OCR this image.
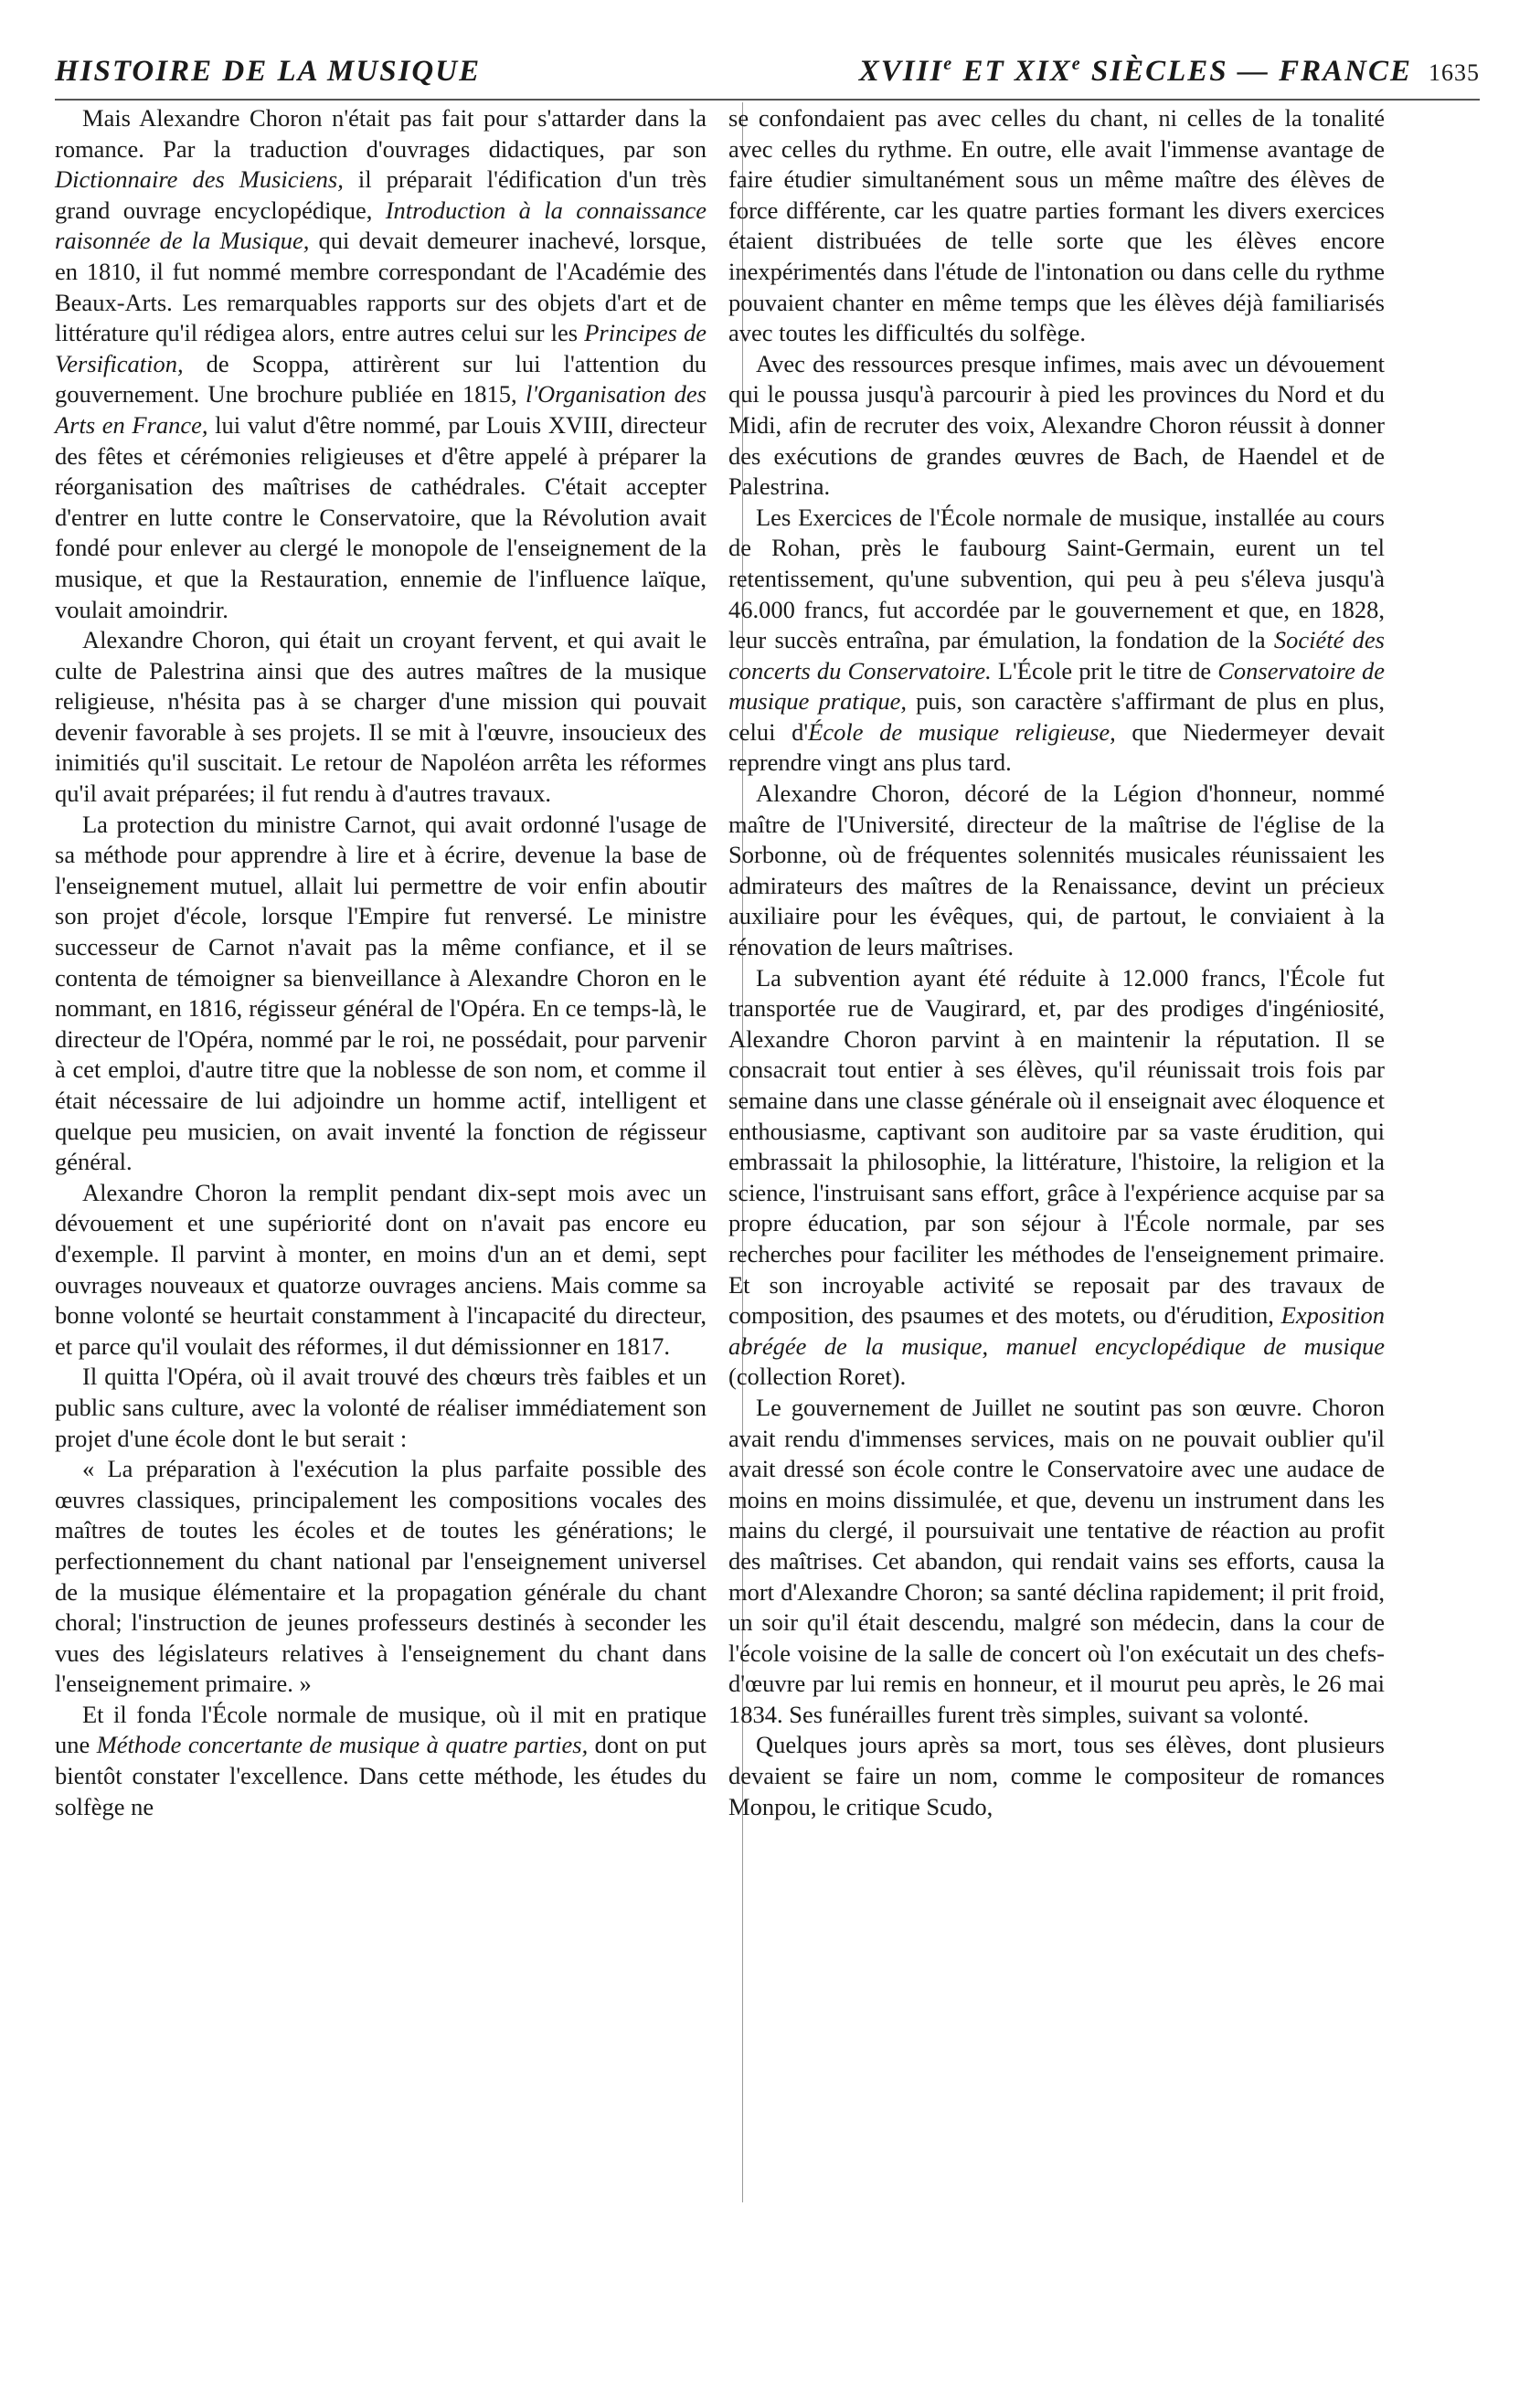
HISTOIRE DE LA MUSIQUE	XVIIIe ET XIXe SIÈCLES — FRANCE 1635

Mais Alexandre Choron n'était pas fait pour s'attarder dans la romance. Par la traduction d'ouvrages didactiques, par son Dictionnaire des Musiciens, il préparait l'édification d'un très grand ouvrage encyclopédique, Introduction à la connaissance raisonnée de la Musique, qui devait demeurer inachevé, lorsque, en 1810, il fut nommé membre correspondant de l'Académie des Beaux-Arts. Les remarquables rapports sur des objets d'art et de littérature qu'il rédigea alors, entre autres celui sur les Principes de Versification, de Scoppa, attirèrent sur lui l'attention du gouvernement. Une brochure publiée en 1815, l'Organisation des Arts en France, lui valut d'être nommé, par Louis XVIII, directeur des fêtes et cérémonies religieuses et d'être appelé à préparer la réorganisation des maîtrises de cathédrales. C'était accepter d'entrer en lutte contre le Conservatoire, que la Révolution avait fondé pour enlever au clergé le monopole de l'enseignement de la musique, et que la Restauration, ennemie de l'influence laïque, voulait amoindrir.

Alexandre Choron, qui était un croyant fervent, et qui avait le culte de Palestrina ainsi que des autres maîtres de la musique religieuse, n'hésita pas à se charger d'une mission qui pouvait devenir favorable à ses projets. Il se mit à l'œuvre, insoucieux des inimitiés qu'il suscitait. Le retour de Napoléon arrêta les réformes qu'il avait préparées; il fut rendu à d'autres travaux.

La protection du ministre Carnot, qui avait ordonné l'usage de sa méthode pour apprendre à lire et à écrire, devenue la base de l'enseignement mutuel, allait lui permettre de voir enfin aboutir son projet d'école, lorsque l'Empire fut renversé. Le ministre successeur de Carnot n'avait pas la même confiance, et il se contenta de témoigner sa bienveillance à Alexandre Choron en le nommant, en 1816, régisseur général de l'Opéra. En ce temps-là, le directeur de l'Opéra, nommé par le roi, ne possédait, pour parvenir à cet emploi, d'autre titre que la noblesse de son nom, et comme il était nécessaire de lui adjoindre un homme actif, intelligent et quelque peu musicien, on avait inventé la fonction de régisseur général.

Alexandre Choron la remplit pendant dix-sept mois avec un dévouement et une supériorité dont on n'avait pas encore eu d'exemple. Il parvint à monter, en moins d'un an et demi, sept ouvrages nouveaux et quatorze ouvrages anciens. Mais comme sa bonne volonté se heurtait constamment à l'incapacité du directeur, et parce qu'il voulait des réformes, il dut démissionner en 1817.

Il quitta l'Opéra, où il avait trouvé des chœurs très faibles et un public sans culture, avec la volonté de réaliser immédiatement son projet d'une école dont le but serait :

« La préparation à l'exécution la plus parfaite possible des œuvres classiques, principalement les compositions vocales des maîtres de toutes les écoles et de toutes les générations; le perfectionnement du chant national par l'enseignement universel de la musique élémentaire et la propagation générale du chant choral; l'instruction de jeunes professeurs destinés à seconder les vues des législateurs relatives à l'enseignement du chant dans l'enseignement primaire. »

Et il fonda l'École normale de musique, où il mit en pratique une Méthode concertante de musique à quatre parties, dont on put bientôt constater l'excellence. Dans cette méthode, les études du solfège ne

se confondaient pas avec celles du chant, ni celles de la tonalité avec celles du rythme. En outre, elle avait l'immense avantage de faire étudier simultanément sous un même maître des élèves de force différente, car les quatre parties formant les divers exercices étaient distribuées de telle sorte que les élèves encore inexpérimentés dans l'étude de l'intonation ou dans celle du rythme pouvaient chanter en même temps que les élèves déjà familiarisés avec toutes les difficultés du solfège.

Avec des ressources presque infimes, mais avec un dévouement qui le poussa jusqu'à parcourir à pied les provinces du Nord et du Midi, afin de recruter des voix, Alexandre Choron réussit à donner des exécutions de grandes œuvres de Bach, de Haendel et de Palestrina.

Les Exercices de l'École normale de musique, installée au cours de Rohan, près le faubourg Saint-Germain, eurent un tel retentissement, qu'une subvention, qui peu à peu s'éleva jusqu'à 46.000 francs, fut accordée par le gouvernement et que, en 1828, leur succès entraîna, par émulation, la fondation de la Société des concerts du Conservatoire. L'École prit le titre de Conservatoire de musique pratique, puis, son caractère s'affirmant de plus en plus, celui d'École de musique religieuse, que Niedermeyer devait reprendre vingt ans plus tard.

Alexandre Choron, décoré de la Légion d'honneur, nommé maître de l'Université, directeur de la maîtrise de l'église de la Sorbonne, où de fréquentes solennités musicales réunissaient les admirateurs des maîtres de la Renaissance, devint un précieux auxiliaire pour les évêques, qui, de partout, le conviaient à la rénovation de leurs maîtrises.

La subvention ayant été réduite à 12.000 francs, l'École fut transportée rue de Vaugirard, et, par des prodiges d'ingéniosité, Alexandre Choron parvint à en maintenir la réputation. Il se consacrait tout entier à ses élèves, qu'il réunissait trois fois par semaine dans une classe générale où il enseignait avec éloquence et enthousiasme, captivant son auditoire par sa vaste érudition, qui embrassait la philosophie, la littérature, l'histoire, la religion et la science, l'instruisant sans effort, grâce à l'expérience acquise par sa propre éducation, par son séjour à l'École normale, par ses recherches pour faciliter les méthodes de l'enseignement primaire. Et son incroyable activité se reposait par des travaux de composition, des psaumes et des motets, ou d'érudition, Exposition abrégée de la musique, manuel encyclopédique de musique (collection Roret).

Le gouvernement de Juillet ne soutint pas son œuvre. Choron avait rendu d'immenses services, mais on ne pouvait oublier qu'il avait dressé son école contre le Conservatoire avec une audace de moins en moins dissimulée, et que, devenu un instrument dans les mains du clergé, il poursuivait une tentative de réaction au profit des maîtrises. Cet abandon, qui rendait vains ses efforts, causa la mort d'Alexandre Choron; sa santé déclina rapidement; il prit froid, un soir qu'il était descendu, malgré son médecin, dans la cour de l'école voisine de la salle de concert où l'on exécutait un des chefs-d'œuvre par lui remis en honneur, et il mourut peu après, le 26 mai 1834. Ses funérailles furent très simples, suivant sa volonté.

Quelques jours après sa mort, tous ses élèves, dont plusieurs devaient se faire un nom, comme le compositeur de romances Monpou, le critique Scudo,
